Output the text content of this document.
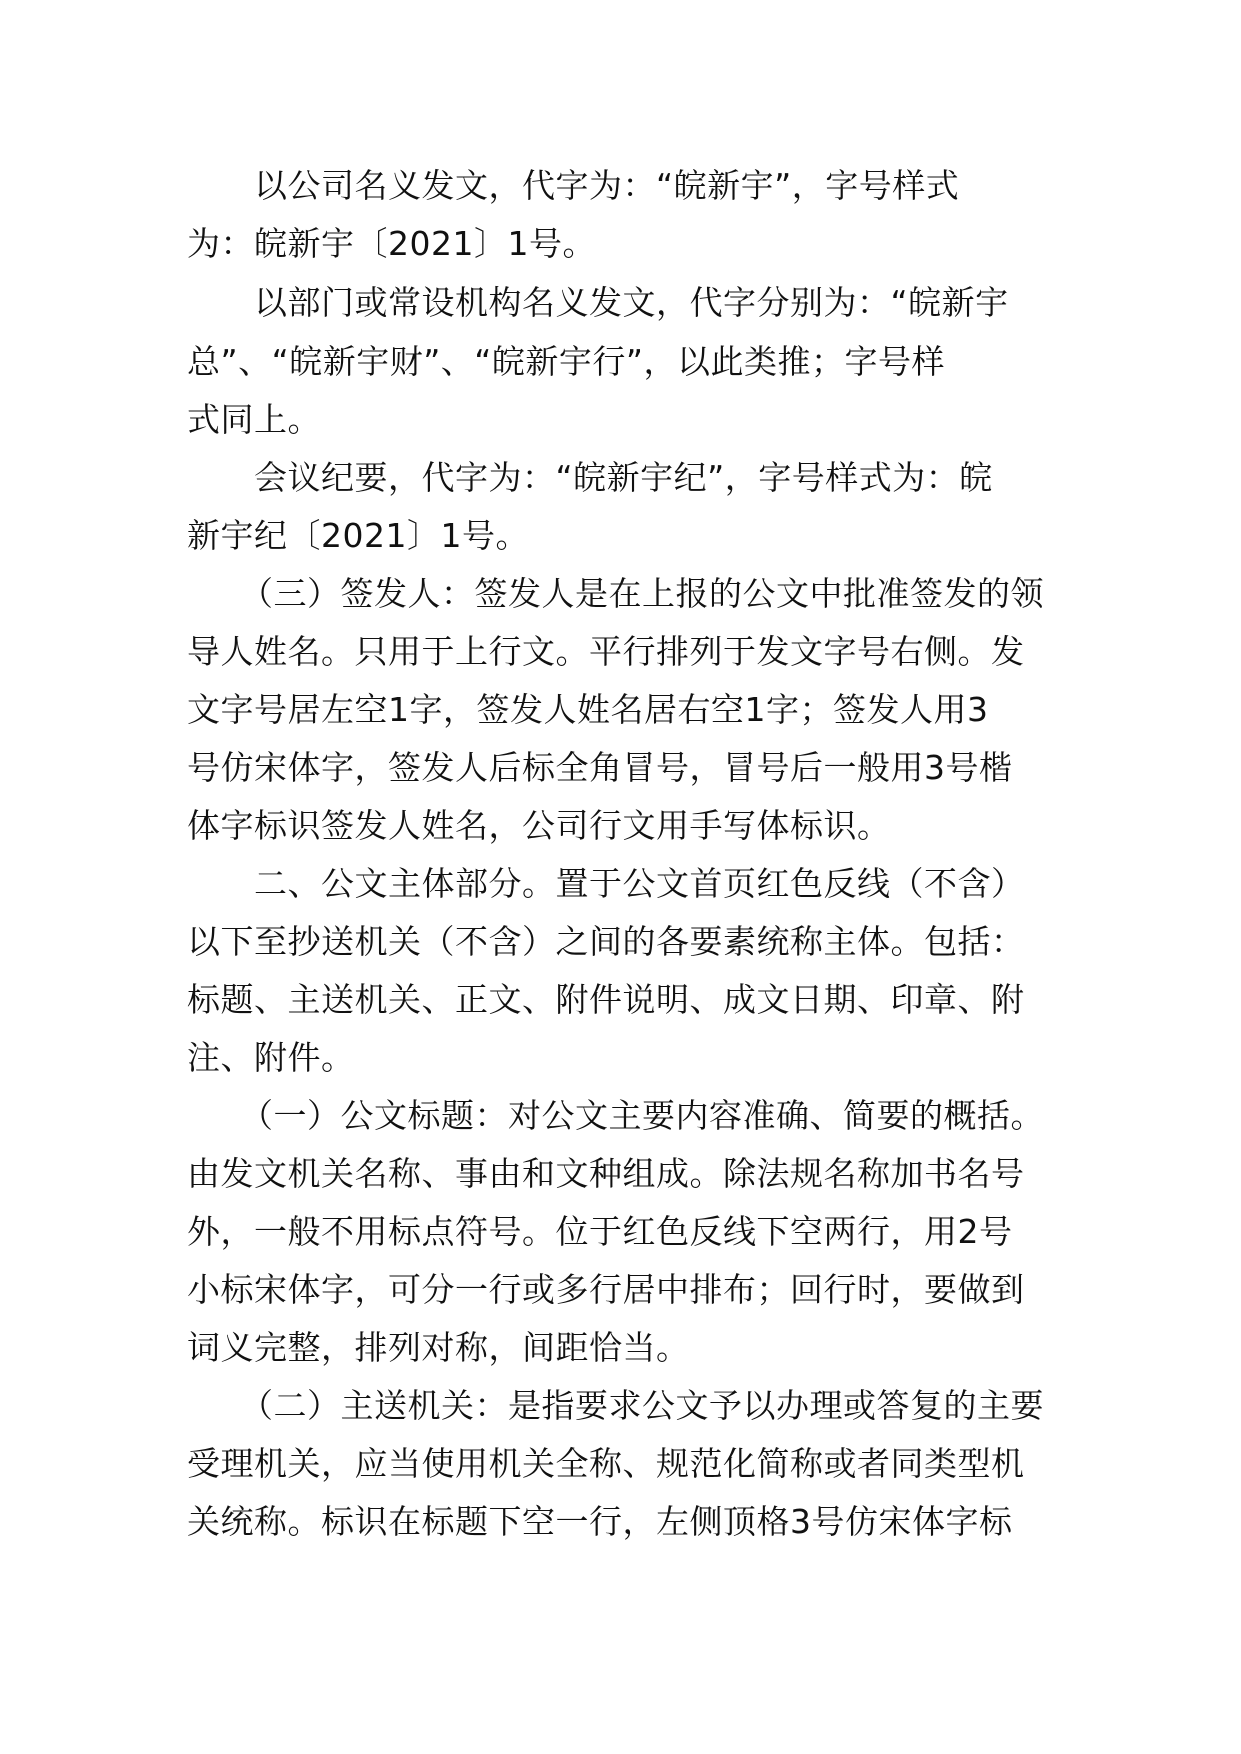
以公司名义发文，代字为：“皖新宇”，字号样式

为：皖新宇〔2021〕1号。

以部门或常设机构名义发文，代字分别为：“皖新宇

总”、“皖新宇财”、“皖新宇行”，以此类推；字号样

式同上。

会议纪要，代字为：“皖新宇纪”，字号样式为：皖

新宇纪〔2021〕1号。

（三）签发人：签发人是在上报的公文中批准签发的领

导人姓名。只用于上行文。平行排列于发文字号右侧。发

文字号居左空1字，签发人姓名居右空1字；签发人用3

号仿宋体字，签发人后标全角冒号，冒号后一般用3号楷

体字标识签发人姓名，公司行文用手写体标识。

二、公文主体部分。置于公文首页红色反线（不含）

以下至抄送机关（不含）之间的各要素统称主体。包括：

标题、主送机关、正文、附件说明、成文日期、印章、附

注、附件。

（一）公文标题：对公文主要内容准确、简要的概括。

由发文机关名称、事由和文种组成。除法规名称加书名号

外，一般不用标点符号。位于红色反线下空两行，用2号

小标宋体字，可分一行或多行居中排布；回行时，要做到

词义完整，排列对称，间距恰当。

（二）主送机关：是指要求公文予以办理或答复的主要

受理机关，应当使用机关全称、规范化简称或者同类型机

关统称。标识在标题下空一行，左侧顶格3号仿宋体字标
